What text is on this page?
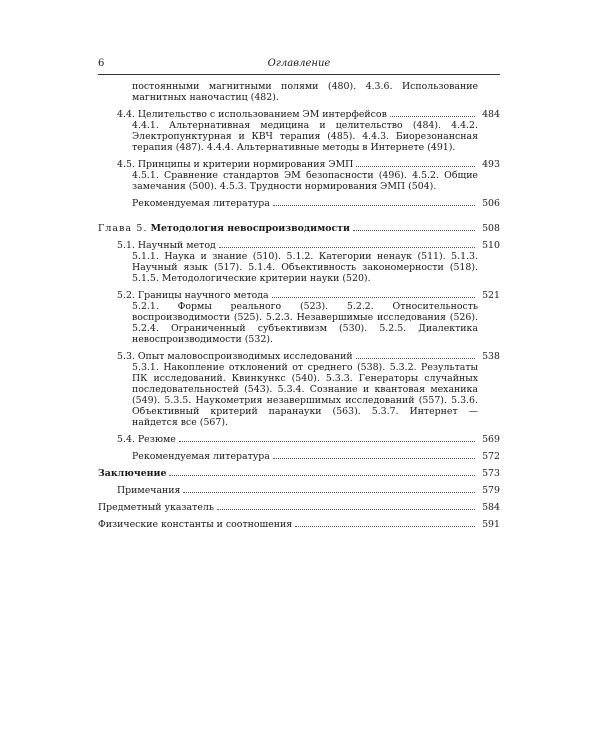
6	Оглавление
постоянными магнитными полями (480). 4.3.6. Использование магнитных наночастиц (482).
4.4. Целительство с использованием ЭМ интерфейсов	484
4.4.1. Альтернативная медицина и целительство (484). 4.4.2. Электропунктурная и КВЧ терапия (485). 4.4.3. Биорезонансная терапия (487). 4.4.4. Альтернативные методы в Интернете (491).
4.5. Принципы и критерии нормирования ЭМП	493
4.5.1. Сравнение стандартов ЭМ безопасности (496). 4.5.2. Общие замечания (500). 4.5.3. Трудности нормирования ЭМП (504).
Рекомендуемая литература	506
Глава 5. Методология невоспроизводимости	508
5.1. Научный метод	510
5.1.1. Наука и знание (510). 5.1.2. Категории ненаук (511). 5.1.3. Научный язык (517). 5.1.4. Объективность закономерности (518). 5.1.5. Методологические критерии науки (520).
5.2. Границы научного метода	521
5.2.1. Формы реального (523). 5.2.2. Относительность воспроизводимости (525). 5.2.3. Незавершимые исследования (526). 5.2.4. Ограниченный субъективизм (530). 5.2.5. Диалектика невоспроизводимости (532).
5.3. Опыт маловоспроизводимых исследований	538
5.3.1. Накопление отклонений от среднего (538). 5.3.2. Результаты ПК исследований. Квинкункс (540). 5.3.3. Генераторы случайных последовательностей (543). 5.3.4. Сознание и квантовая механика (549). 5.3.5. Наукометрия незавершимых исследований (557). 5.3.6. Объективный критерий паранауки (563). 5.3.7. Интернет — найдется все (567).
5.4. Резюме	569
Рекомендуемая литература	572
Заключение	573
Примечания	579
Предметный указатель	584
Физические константы и соотношения	591
